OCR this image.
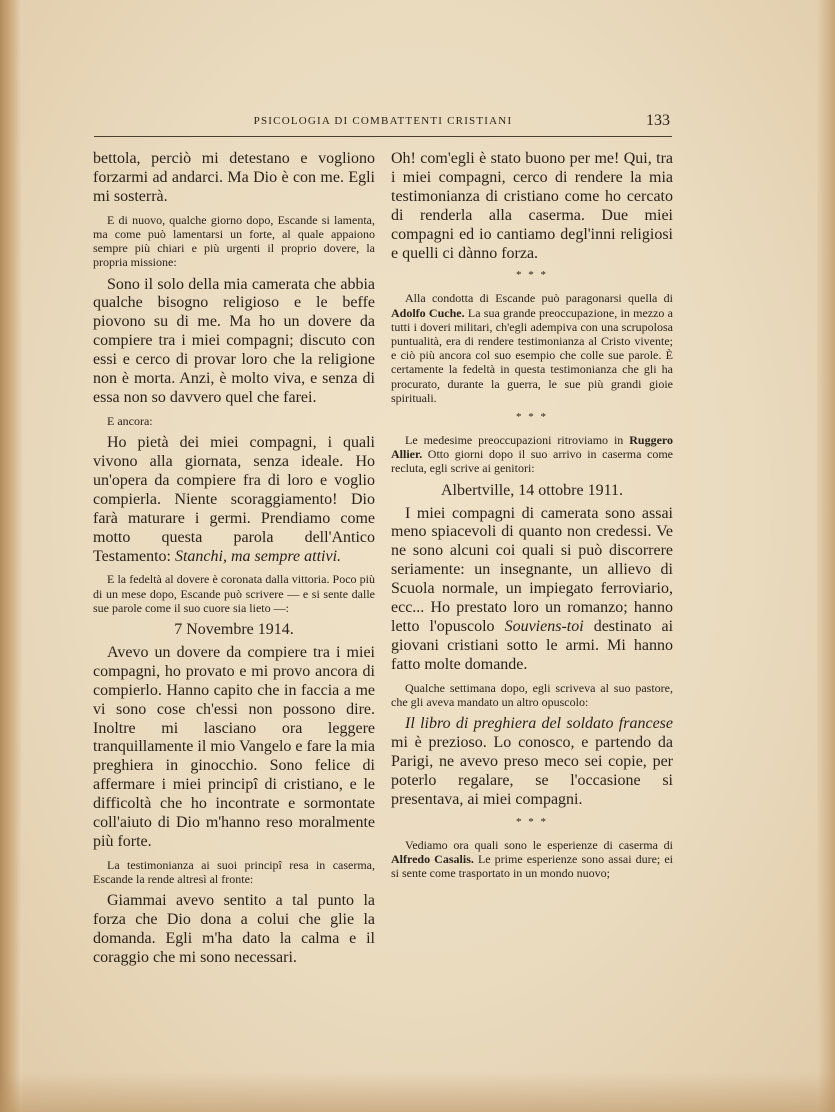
PSICOLOGIA DI COMBATTENTI CRISTIANI	133

bettola, perciò mi detestano e vogliono forzarmi ad andarci. Ma Dio è con me. Egli mi sosterrà.

E di nuovo, qualche giorno dopo, Escande si lamenta, ma come può lamentarsi un forte, al quale appaiono sempre più chiari e più urgenti il proprio dovere, la propria missione:

Sono il solo della mia camerata che abbia qualche bisogno religioso e le beffe piovono su di me. Ma ho un dovere da compiere tra i miei compagni; discuto con essi e cerco di provar loro che la religione non è morta. Anzi, è molto viva, e senza di essa non so davvero quel che farei.

E ancora:

Ho pietà dei miei compagni, i quali vivono alla giornata, senza ideale. Ho un'opera da compiere fra di loro e voglio compierla. Niente scoraggiamento! Dio farà maturare i germi. Prendiamo come motto questa parola dell'Antico Testamento: Stanchi, ma sempre attivi.

E la fedeltà al dovere è coronata dalla vittoria. Poco più di un mese dopo, Escande può scrivere — e si sente dalle sue parole come il suo cuore sia lieto —:

7 Novembre 1914.

Avevo un dovere da compiere tra i miei compagni, ho provato e mi provo ancora di compierlo. Hanno capito che in faccia a me vi sono cose ch'essi non possono dire. Inoltre mi lasciano ora leggere tranquillamente il mio Vangelo e fare la mia preghiera in ginocchio. Sono felice di affermare i miei principî di cristiano, e le difficoltà che ho incontrate e sormontate coll'aiuto di Dio m'hanno reso moralmente più forte.

La testimonianza ai suoi principî resa in caserma, Escande la rende altresì al fronte:

Giammai avevo sentito a tal punto la forza che Dio dona a colui che glie la domanda. Egli m'ha dato la calma e il coraggio che mi sono necessari.

Oh! com'egli è stato buono per me! Qui, tra i miei compagni, cerco di rendere la mia testimonianza di cristiano come ho cercato di renderla alla caserma. Due miei compagni ed io cantiamo degl'inni religiosi e quelli ci dànno forza.

* * *

Alla condotta di Escande può paragonarsi quella di Adolfo Cuche. La sua grande preoccupazione, in mezzo a tutti i doveri militari, ch'egli adempiva con una scrupolosa puntualità, era di rendere testimonianza al Cristo vivente; e ciò più ancora col suo esempio che colle sue parole. È certamente la fedeltà in questa testimonianza che gli ha procurato, durante la guerra, le sue più grandi gioie spirituali.

* * *

Le medesime preoccupazioni ritroviamo in Ruggero Allier. Otto giorni dopo il suo arrivo in caserma come recluta, egli scrive ai genitori:

Albertville, 14 ottobre 1911.

I miei compagni di camerata sono assai meno spiacevoli di quanto non credessi. Ve ne sono alcuni coi quali si può discorrere seriamente: un insegnante, un allievo di Scuola normale, un impiegato ferroviario, ecc... Ho prestato loro un romanzo; hanno letto l'opuscolo Souviens-toi destinato ai giovani cristiani sotto le armi. Mi hanno fatto molte domande.

Qualche settimana dopo, egli scriveva al suo pastore, che gli aveva mandato un altro opuscolo:

Il libro di preghiera del soldato francese mi è prezioso. Lo conosco, e partendo da Parigi, ne avevo preso meco sei copie, per poterlo regalare, se l'occasione si presentava, ai miei compagni.

* * *

Vediamo ora quali sono le esperienze di caserma di Alfredo Casalis. Le prime esperienze sono assai dure; ei si sente come trasportato in un mondo nuovo;
